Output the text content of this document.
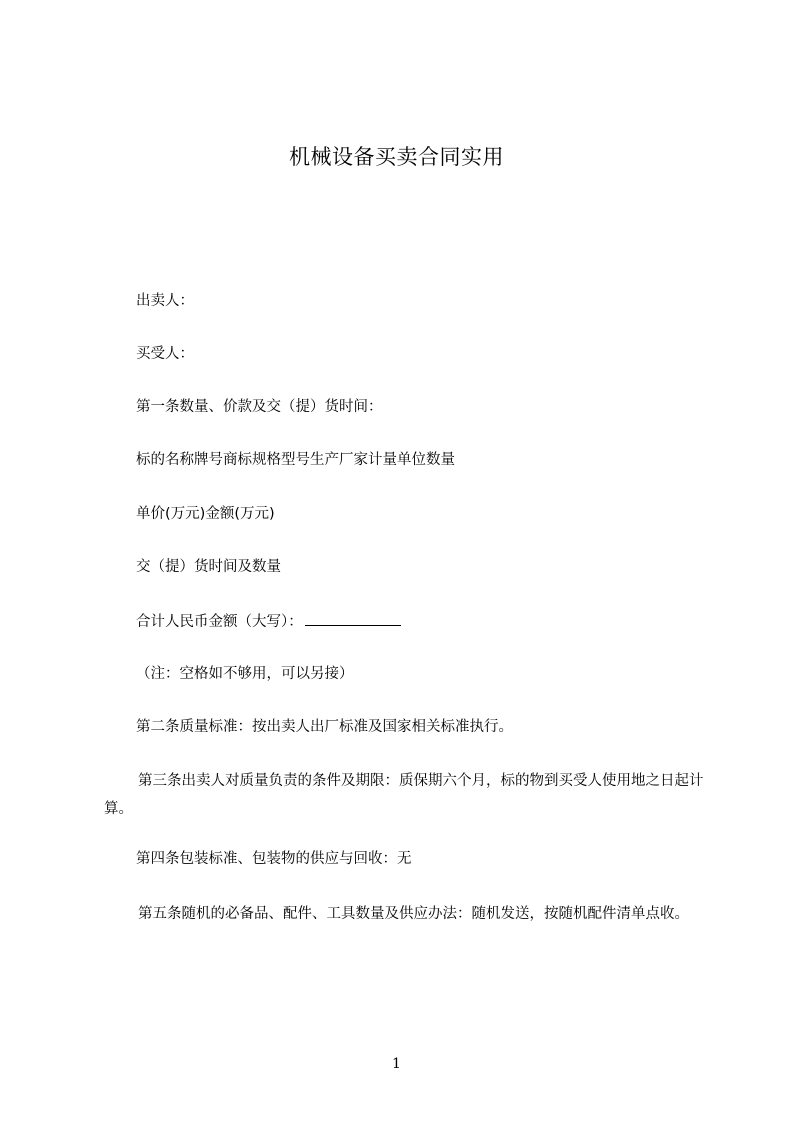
机械设备买卖合同实用
出卖人：
买受人：
第一条数量、价款及交（提）货时间：
标的名称牌号商标规格型号生产厂家计量单位数量
单价(万元)金额(万元)
交（提）货时间及数量
合计人民币金额（大写）：
（注：空格如不够用，可以另接）
第二条质量标准：按出卖人出厂标准及国家相关标准执行。
第三条出卖人对质量负责的条件及期限：质保期六个月，标的物到买受人使用地之日起计算。
第四条包装标准、包装物的供应与回收：无
第五条随机的必备品、配件、工具数量及供应办法：随机发送，按随机配件清单点收。
1
